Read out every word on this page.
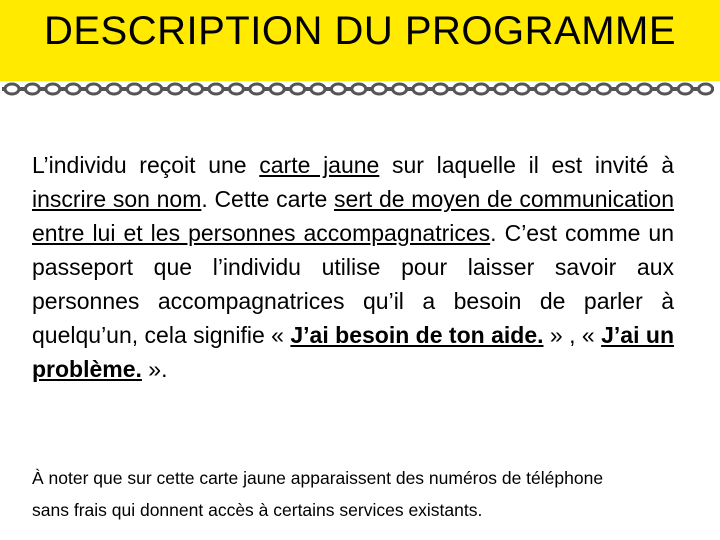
DESCRIPTION DU PROGRAMME
L’individu reçoit une carte jaune sur laquelle il est invité à inscrire son nom. Cette carte sert de moyen de communication entre lui et les personnes accompagnatrices. C’est comme un passeport que l’individu utilise pour laisser savoir aux personnes accompagnatrices qu’il a besoin de parler à quelqu’un, cela signifie « J’ai besoin de ton aide. » , « J’ai un problème. ».
À noter que sur cette carte jaune apparaissent des numéros de téléphone
sans frais qui donnent accès à certains services existants.
